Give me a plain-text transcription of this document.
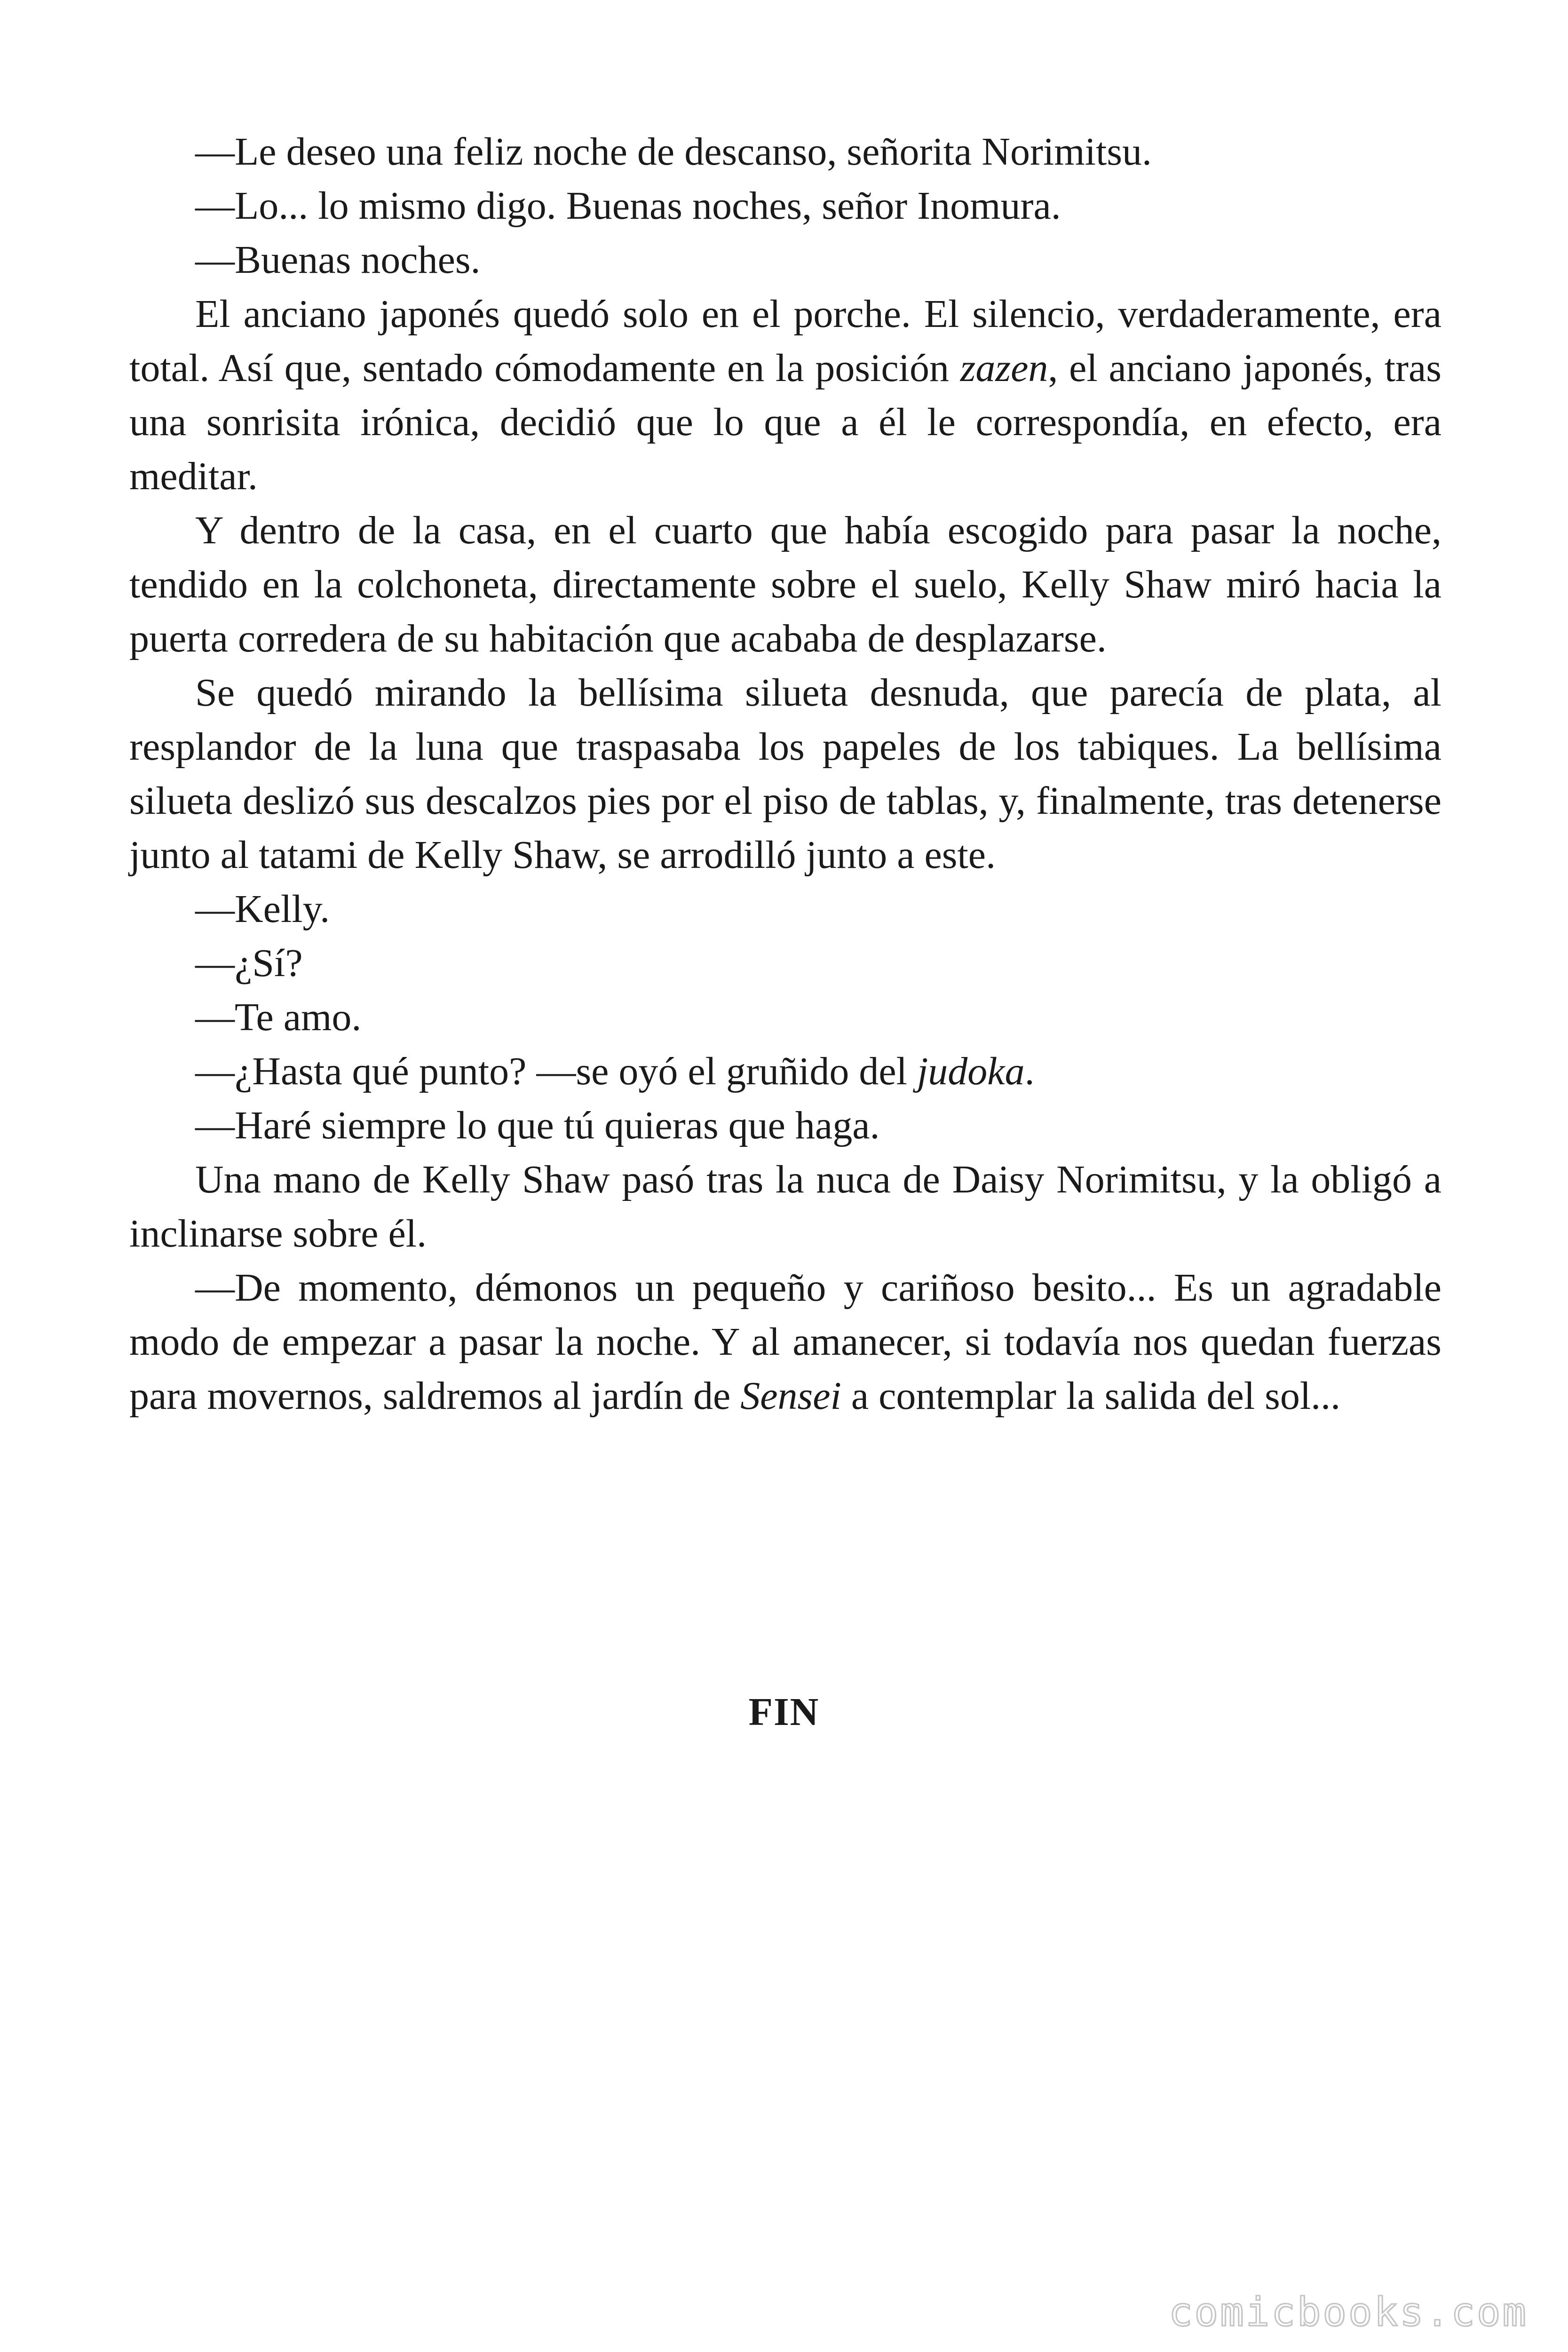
—Le deseo una feliz noche de descanso, señorita Norimitsu.

—Lo... lo mismo digo. Buenas noches, señor Inomura.

—Buenas noches.

El anciano japonés quedó solo en el porche. El silencio, verdaderamente, era total. Así que, sentado cómodamente en la posición zazen, el anciano japonés, tras una sonrisita irónica, decidió que lo que a él le correspondía, en efecto, era meditar.

Y dentro de la casa, en el cuarto que había escogido para pasar la noche, tendido en la colchoneta, directamente sobre el suelo, Kelly Shaw miró hacia la puerta corredera de su habitación que acababa de desplazarse.

Se quedó mirando la bellísima silueta desnuda, que parecía de plata, al resplandor de la luna que traspasaba los papeles de los tabiques. La bellísima silueta deslizó sus descalzos pies por el piso de tablas, y, finalmente, tras detenerse junto al tatami de Kelly Shaw, se arrodilló junto a este.

—Kelly.

—¿Sí?

—Te amo.

—¿Hasta qué punto? —se oyó el gruñido del judoka.

—Haré siempre lo que tú quieras que haga.

Una mano de Kelly Shaw pasó tras la nuca de Daisy Norimitsu, y la obligó a inclinarse sobre él.

—De momento, démonos un pequeño y cariñoso besito... Es un agradable modo de empezar a pasar la noche. Y al amanecer, si todavía nos quedan fuerzas para movernos, saldremos al jardín de Sensei a contemplar la salida del sol...

FIN

comicbooks.com
